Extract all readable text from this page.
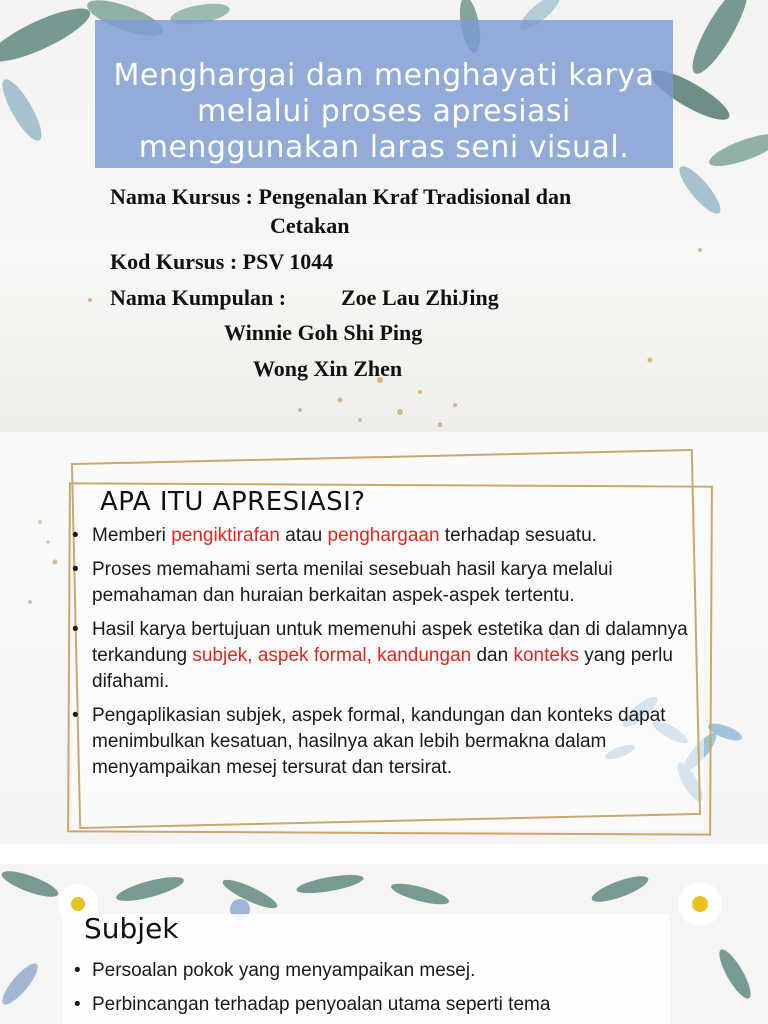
Menghargai dan menghayati karya melalui proses apresiasi menggunakan laras seni visual.
Nama Kursus : Pengenalan Kraf Tradisional dan
Cetakan
Kod Kursus : PSV 1044
Nama Kumpulan : Zoe Lau ZhiJing
Winnie Goh Shi Ping
Wong Xin Zhen
APA ITU APRESIASI?
• Memberi pengiktirafan atau penghargaan terhadap sesuatu.
• Proses memahami serta menilai sesebuah hasil karya melalui pemahaman dan huraian berkaitan aspek-aspek tertentu.
• Hasil karya bertujuan untuk memenuhi aspek estetika dan di dalamnya terkandung subjek, aspek formal, kandungan dan konteks yang perlu difahami.
• Pengaplikasian subjek, aspek formal, kandungan dan konteks dapat menimbulkan kesatuan, hasilnya akan lebih bermakna dalam menyampaikan mesej tersurat dan tersirat.
Subjek
• Persoalan pokok yang menyampaikan mesej.
• Perbincangan terhadap penyoalan utama seperti tema
